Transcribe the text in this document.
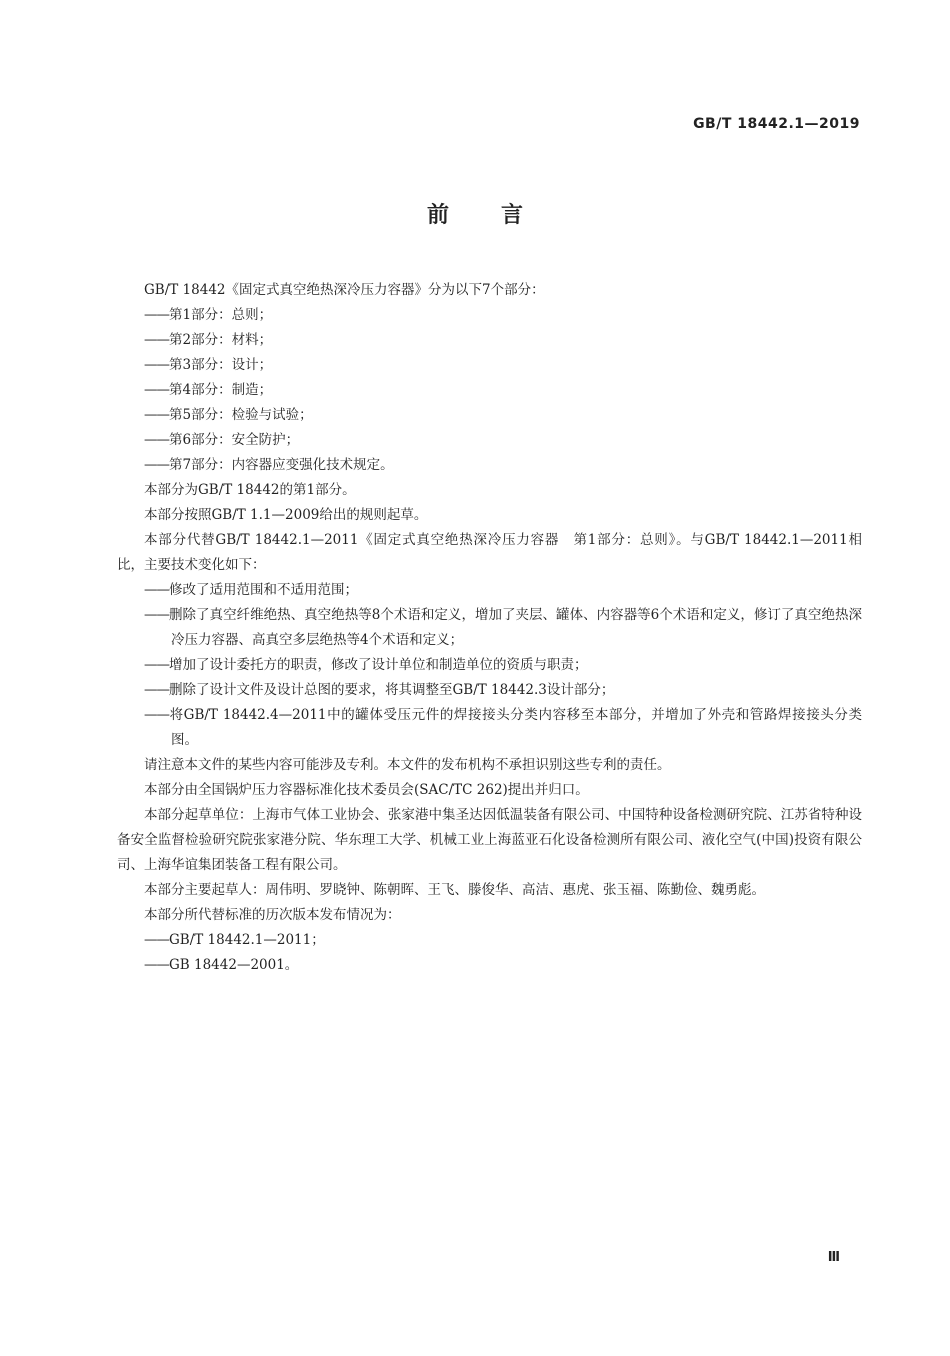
GB/T 18442.1—2019
前言

GB/T 18442《固定式真空绝热深冷压力容器》分为以下7个部分：

——第1部分：总则；

——第2部分：材料；

——第3部分：设计；

——第4部分：制造；

——第5部分：检验与试验；

——第6部分：安全防护；

——第7部分：内容器应变强化技术规定。

本部分为GB/T 18442的第1部分。

本部分按照GB/T 1.1—2009给出的规则起草。

本部分代替GB/T 18442.1—2011《固定式真空绝热深冷压力容器　第1部分：总则》。与GB/T 18442.1—2011相比，主要技术变化如下：

——修改了适用范围和不适用范围；

——删除了真空纤维绝热、真空绝热等8个术语和定义，增加了夹层、罐体、内容器等6个术语和定义，修订了真空绝热深冷压力容器、高真空多层绝热等4个术语和定义；

——增加了设计委托方的职责，修改了设计单位和制造单位的资质与职责；

——删除了设计文件及设计总图的要求，将其调整至GB/T 18442.3设计部分；

——将GB/T 18442.4—2011中的罐体受压元件的焊接接头分类内容移至本部分，并增加了外壳和管路焊接接头分类图。

请注意本文件的某些内容可能涉及专利。本文件的发布机构不承担识别这些专利的责任。

本部分由全国锅炉压力容器标准化技术委员会(SAC/TC 262)提出并归口。

本部分起草单位：上海市气体工业协会、张家港中集圣达因低温装备有限公司、中国特种设备检测研究院、江苏省特种设备安全监督检验研究院张家港分院、华东理工大学、机械工业上海蓝亚石化设备检测所有限公司、液化空气(中国)投资有限公司、上海华谊集团装备工程有限公司。

本部分主要起草人：周伟明、罗晓钟、陈朝晖、王飞、滕俊华、高洁、惠虎、张玉福、陈勤俭、魏勇彪。

本部分所代替标准的历次版本发布情况为：

——GB/T 18442.1—2011；

——GB 18442—2001。

Ⅲ
